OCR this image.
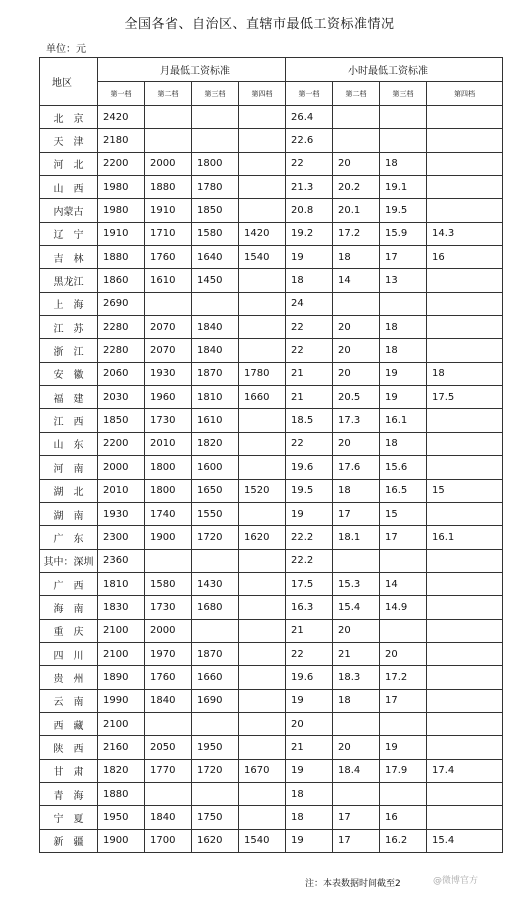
全国各省、自治区、直辖市最低工资标准情况
单位：元
地区	月最低工资标准				小时最低工资标准			
	第一档	第二档	第三档	第四档	第一档	第二档	第三档	第四档
北　京	2420				26.4			
天　津	2180				22.6			
河　北	2200	2000	1800		22	20	18	
山　西	1980	1880	1780		21.3	20.2	19.1	
内蒙古	1980	1910	1850		20.8	20.1	19.5	
辽　宁	1910	1710	1580	1420	19.2	17.2	15.9	14.3
吉　林	1880	1760	1640	1540	19	18	17	16
黑龙江	1860	1610	1450		18	14	13	
上　海	2690				24			
江　苏	2280	2070	1840		22	20	18	
浙　江	2280	2070	1840		22	20	18	
安　徽	2060	1930	1870	1780	21	20	19	18
福　建	2030	1960	1810	1660	21	20.5	19	17.5
江　西	1850	1730	1610		18.5	17.3	16.1	
山　东	2200	2010	1820		22	20	18	
河　南	2000	1800	1600		19.6	17.6	15.6	
湖　北	2010	1800	1650	1520	19.5	18	16.5	15
湖　南	1930	1740	1550		19	17	15	
广　东	2300	1900	1720	1620	22.2	18.1	17	16.1
其中：深圳	2360				22.2			
广　西	1810	1580	1430		17.5	15.3	14	
海　南	1830	1730	1680		16.3	15.4	14.9	
重　庆	2100	2000			21	20		
四　川	2100	1970	1870		22	21	20	
贵　州	1890	1760	1660		19.6	18.3	17.2	
云　南	1990	1840	1690		19	18	17	
西　藏	2100				20			
陕　西	2160	2050	1950		21	20	19	
甘　肃	1820	1770	1720	1670	19	18.4	17.9	17.4
青　海	1880				18			
宁　夏	1950	1840	1750		18	17	16	
新　疆	1900	1700	1620	1540	19	17	16.2	15.4
注：本表数据时间截至2	@微博官方
